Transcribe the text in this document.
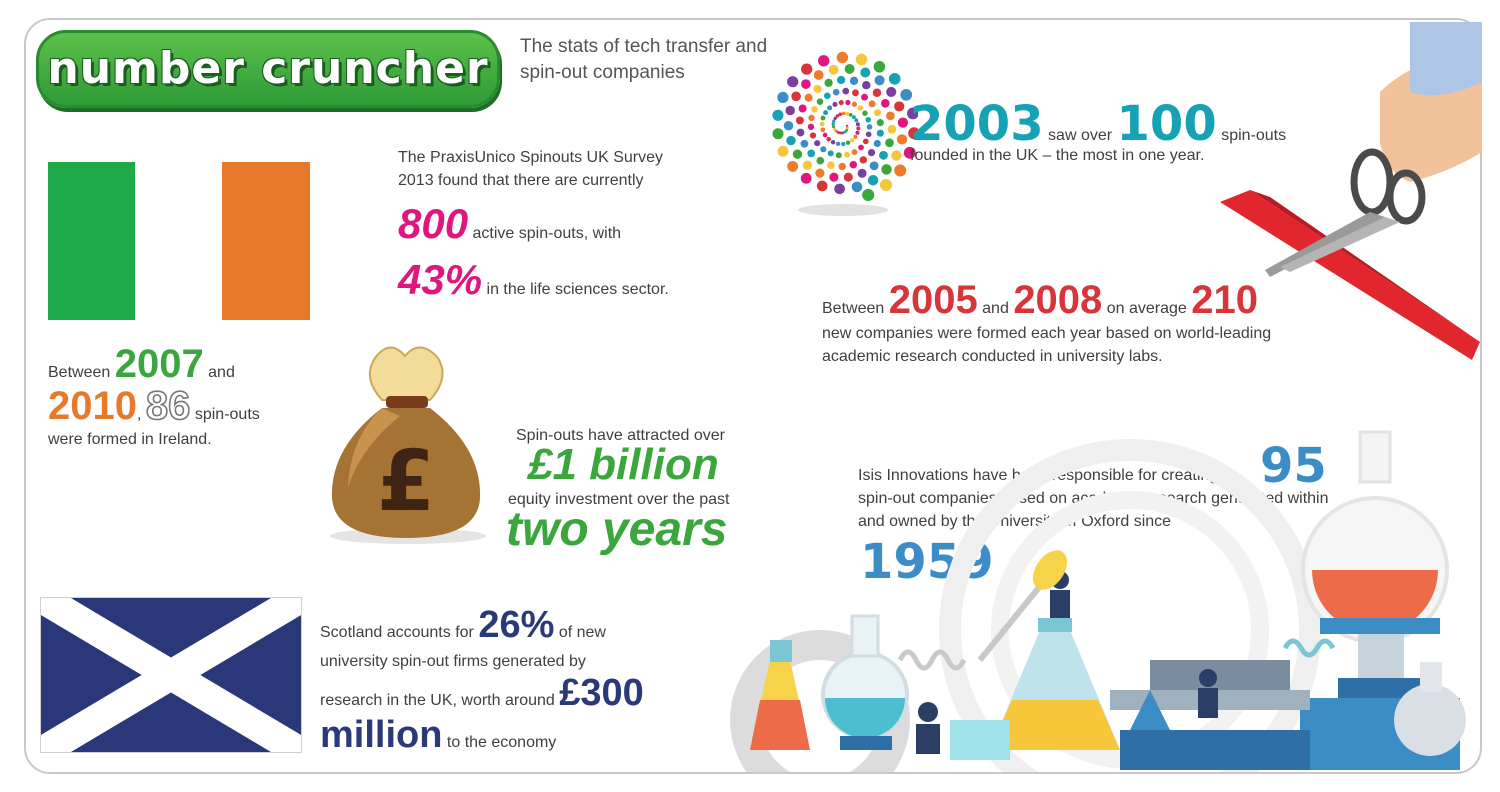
number cruncher	The stats of tech transfer and spin-out companies
The PraxisUnico Spinouts UK Survey 2013 found that there are currently
800 active spin-outs, with
43% in the life sciences sector.
Between 2007 and
2010, 86 spin-outs
were formed in Ireland.
2003 saw over 100 spin-outs
founded in the UK – the most in one year.
Between 2005 and 2008 on average 210
new companies were formed each year based on world-leading academic research conducted in university labs.
£	Spin-outs have attracted over
£1 billion
equity investment over the past
two years
Isis Innovations have been responsible for creating 95
spin-out companies based on academic research generated within and owned by the University of Oxford since
1959
Scotland accounts for 26% of new
university spin-out firms generated by
research in the UK, worth around £300
million to the economy
